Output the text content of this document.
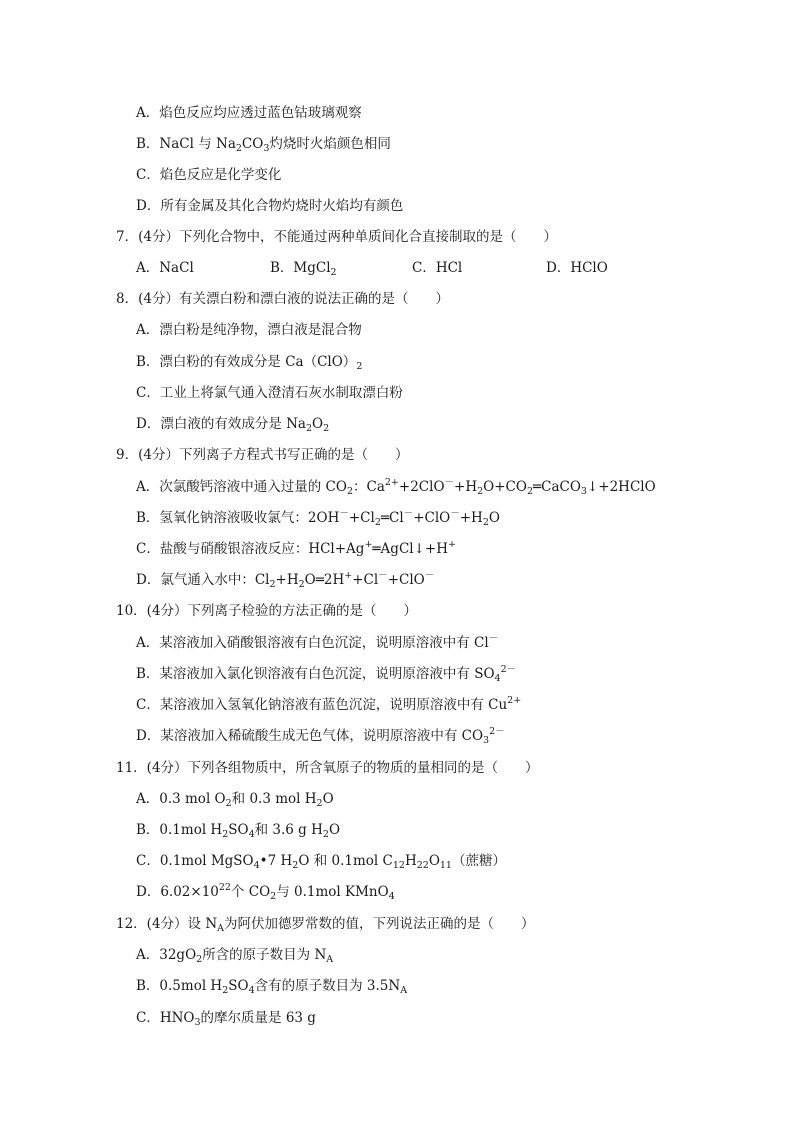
A．焰色反应均应透过蓝色钴玻璃观察
B．NaCl 与 $Na_2CO_3$灼烧时火焰颜色相同
C．焰色反应是化学变化
D．所有金属及其化合物灼烧时火焰均有颜色
7．(4分）下列化合物中，不能通过两种单质间化合直接制取的是（　　）
A．NaCl	B．MgCl$_2$	C．HCl	D．HClO
8．(4分）有关漂白粉和漂白液的说法正确的是（　　）
A．漂白粉是纯净物，漂白液是混合物
B．漂白粉的有效成分是 $Ca(ClO)_2$
C．工业上将氯气通入澄清石灰水制取漂白粉
D．漂白液的有效成分是 $Na_2O_2$
9．(4分）下列离子方程式书写正确的是（　　）
A．次氯酸钙溶液中通入过量的 $CO_2$：$Ca^{2+}+2ClO^-+H_2O+CO_2═CaCO_3↓+2HClO$
B．氢氧化钠溶液吸收氯气：$2OH^-+Cl_2═Cl^-+ClO^-+H_2O$
C．盐酸与硝酸银溶液反应：HCl+Ag+═AgCl↓+H+
D．氯气通入水中：$Cl_2+H_2O═2H^++Cl^-+ClO^-$
10．(4分）下列离子检验的方法正确的是（　　）
A．某溶液加入硝酸银溶液有白色沉淀，说明原溶液中有 Cl－
B．某溶液加入氯化钡溶液有白色沉淀，说明原溶液中有 $SO_4^{2-}$
C．某溶液加入氢氧化钠溶液有蓝色沉淀，说明原溶液中有 $Cu^{2+}$
D．某溶液加入稀硫酸生成无色气体，说明原溶液中有 $CO_3^{2-}$
11．(4分）下列各组物质中，所含氧原子的物质的量相同的是（　　）
A．0.3 mol $O_2$和 0.3 mol $H_2O$
B．0.1mol $H_2SO_4$和 3.6 g $H_2O$
C．0.1mol MgSO$_4$•7 $H_2O$ 和 0.1mol $C_{12}H_{22}O_{11}$（蔗糖）
D．$6.02\times 10^{22}$个 $CO_2$与 0.1mol KMnO$_4$
12．(4分）设 $N_A$为阿伏加德罗常数的值，下列说法正确的是（　　）
A．$32gO_2$所含的原子数目为 $N_A$
B．0.5mol $H_2SO_4$含有的原子数目为 $3.5N_A$
C．$HNO_3$的摩尔质量是 63 g
